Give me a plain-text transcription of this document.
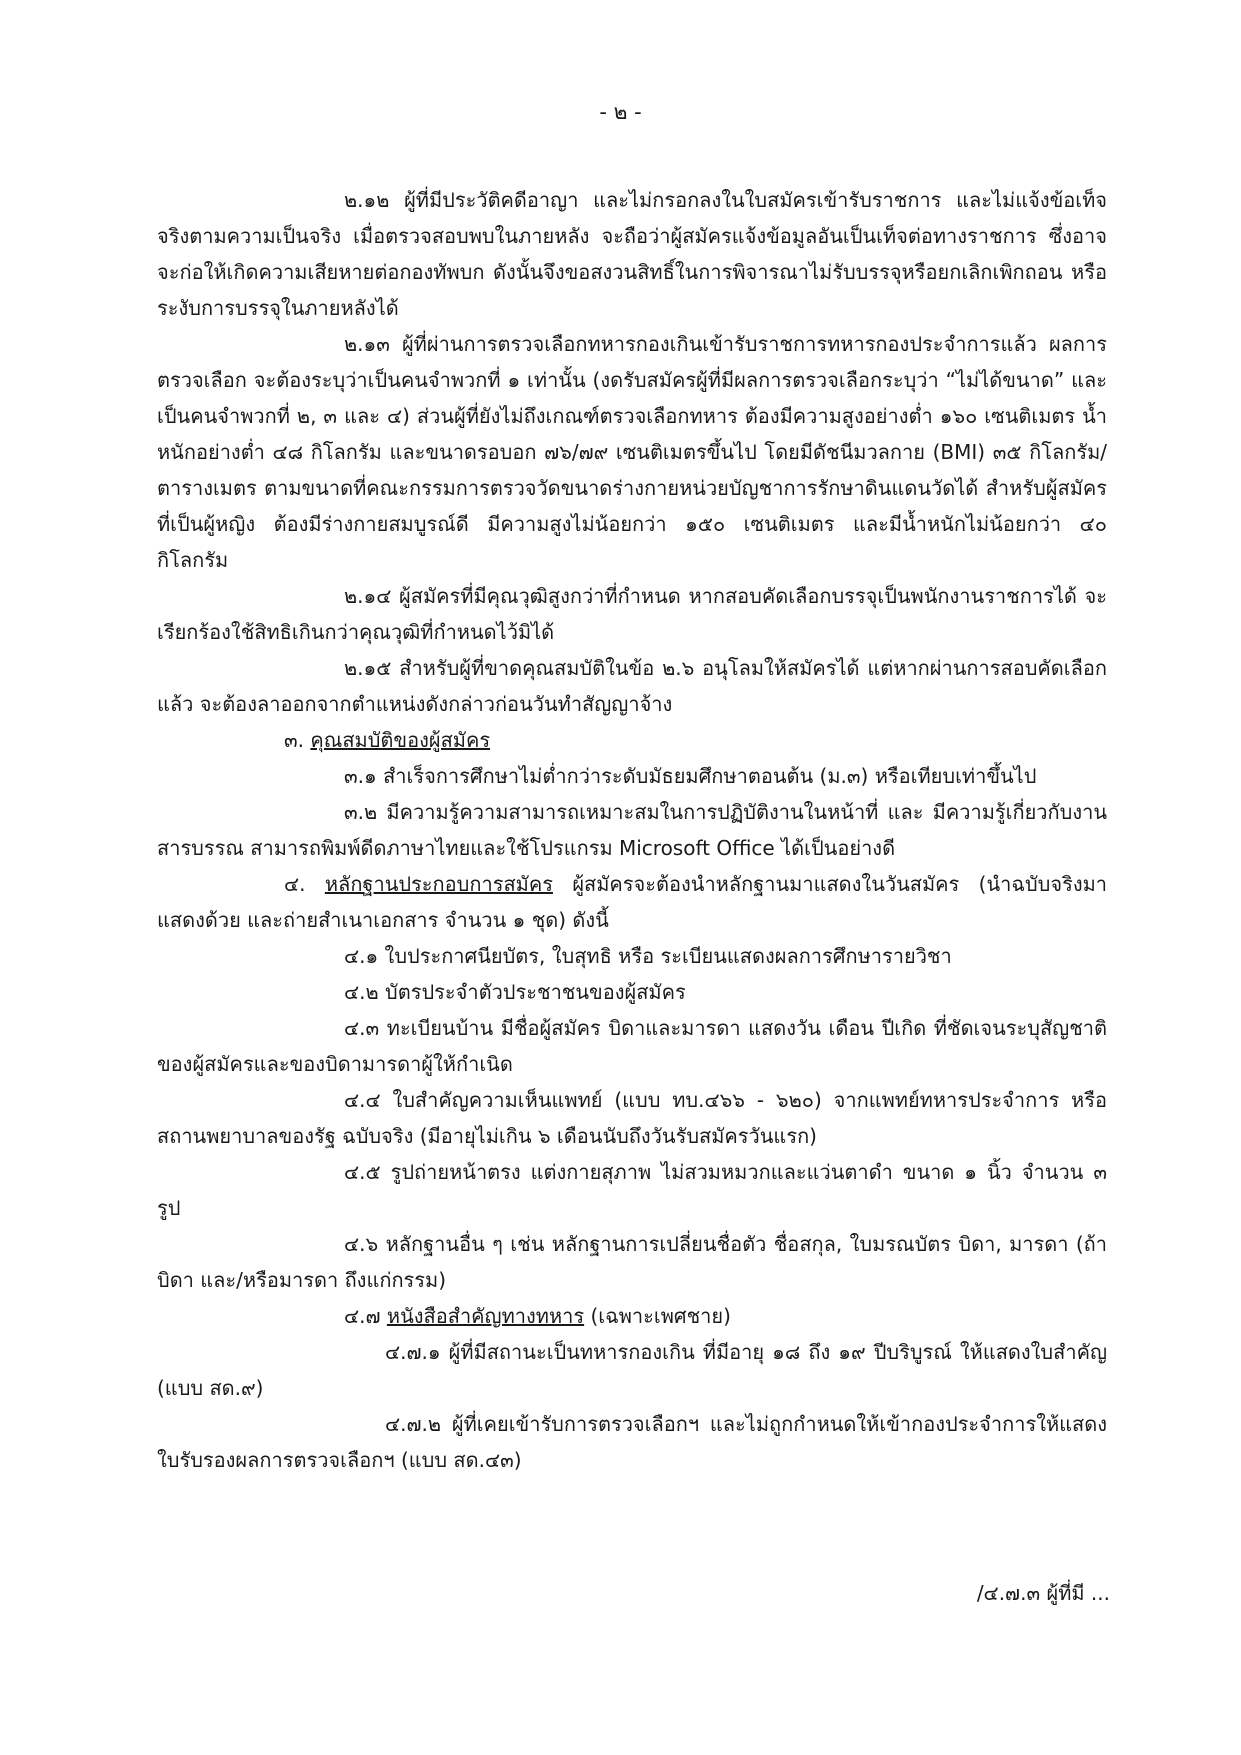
- ๒ -

๒.๑๒ ผู้ที่มีประวัติคดีอาญา และไม่กรอกลงในใบสมัครเข้ารับราชการ และไม่แจ้งข้อเท็จจริงตามความเป็นจริง เมื่อตรวจสอบพบในภายหลัง จะถือว่าผู้สมัครแจ้งข้อมูลอันเป็นเท็จต่อทางราชการ ซึ่งอาจจะก่อให้เกิดความเสียหายต่อกองทัพบก ดังนั้นจึงขอสงวนสิทธิ์ในการพิจารณาไม่รับบรรจุหรือยกเลิกเพิกถอน หรือ ระงับการบรรจุในภายหลังได้

๒.๑๓ ผู้ที่ผ่านการตรวจเลือกทหารกองเกินเข้ารับราชการทหารกองประจำการแล้ว ผลการตรวจเลือก จะต้องระบุว่าเป็นคนจำพวกที่ ๑ เท่านั้น (งดรับสมัครผู้ที่มีผลการตรวจเลือกระบุว่า “ไม่ได้ขนาด” และเป็นคนจำพวกที่ ๒, ๓ และ ๔) ส่วนผู้ที่ยังไม่ถึงเกณฑ์ตรวจเลือกทหาร ต้องมีความสูงอย่างต่ำ ๑๖๐ เซนติเมตร น้ำหนักอย่างต่ำ ๔๘ กิโลกรัม และขนาดรอบอก ๗๖/๗๙ เซนติเมตรขึ้นไป โดยมีดัชนีมวลกาย (BMI) ๓๕ กิโลกรัม/ตารางเมตร ตามขนาดที่คณะกรรมการตรวจวัดขนาดร่างกายหน่วยบัญชาการรักษาดินแดนวัดได้ สำหรับผู้สมัครที่เป็นผู้หญิง ต้องมีร่างกายสมบูรณ์ดี มีความสูงไม่น้อยกว่า ๑๕๐ เซนติเมตร และมีน้ำหนักไม่น้อยกว่า ๔๐ กิโลกรัม

๒.๑๔ ผู้สมัครที่มีคุณวุฒิสูงกว่าที่กำหนด หากสอบคัดเลือกบรรจุเป็นพนักงานราชการได้ จะเรียกร้องใช้สิทธิเกินกว่าคุณวุฒิที่กำหนดไว้มิได้

๒.๑๕ สำหรับผู้ที่ขาดคุณสมบัติในข้อ ๒.๖ อนุโลมให้สมัครได้ แต่หากผ่านการสอบคัดเลือกแล้ว จะต้องลาออกจากตำแหน่งดังกล่าวก่อนวันทำสัญญาจ้าง

๓. คุณสมบัติของผู้สมัคร

๓.๑ สำเร็จการศึกษาไม่ต่ำกว่าระดับมัธยมศึกษาตอนต้น (ม.๓) หรือเทียบเท่าขึ้นไป

๓.๒ มีความรู้ความสามารถเหมาะสมในการปฏิบัติงานในหน้าที่ และ มีความรู้เกี่ยวกับงานสารบรรณ สามารถพิมพ์ดีดภาษาไทยและใช้โปรแกรม Microsoft Office ได้เป็นอย่างดี

๔. หลักฐานประกอบการสมัคร ผู้สมัครจะต้องนำหลักฐานมาแสดงในวันสมัคร (นำฉบับจริงมาแสดงด้วย และถ่ายสำเนาเอกสาร จำนวน ๑ ชุด) ดังนี้

๔.๑ ใบประกาศนียบัตร, ใบสุทธิ หรือ ระเบียนแสดงผลการศึกษารายวิชา

๔.๒ บัตรประจำตัวประชาชนของผู้สมัคร

๔.๓ ทะเบียนบ้าน มีชื่อผู้สมัคร บิดาและมารดา แสดงวัน เดือน ปีเกิด ที่ชัดเจนระบุสัญชาติของผู้สมัครและของบิดามารดาผู้ให้กำเนิด

๔.๔ ใบสำคัญความเห็นแพทย์ (แบบ ทบ.๔๖๖ - ๖๒๐) จากแพทย์ทหารประจำการ หรือสถานพยาบาลของรัฐ ฉบับจริง (มีอายุไม่เกิน ๖ เดือนนับถึงวันรับสมัครวันแรก)

๔.๕ รูปถ่ายหน้าตรง แต่งกายสุภาพ ไม่สวมหมวกและแว่นตาดำ ขนาด ๑ นิ้ว จำนวน ๓ รูป

๔.๖ หลักฐานอื่น ๆ เช่น หลักฐานการเปลี่ยนชื่อตัว ชื่อสกุล, ใบมรณบัตร บิดา, มารดา (ถ้าบิดา และ/หรือมารดา ถึงแก่กรรม)

๔.๗ หนังสือสำคัญทางทหาร (เฉพาะเพศชาย)

๔.๗.๑ ผู้ที่มีสถานะเป็นทหารกองเกิน ที่มีอายุ ๑๘ ถึง ๑๙ ปีบริบูรณ์ ให้แสดงใบสำคัญ (แบบ สด.๙)

๔.๗.๒ ผู้ที่เคยเข้ารับการตรวจเลือกฯ และไม่ถูกกำหนดให้เข้ากองประจำการให้แสดงใบรับรองผลการตรวจเลือกฯ (แบบ สด.๔๓)

/๔.๗.๓ ผู้ที่มี ...
